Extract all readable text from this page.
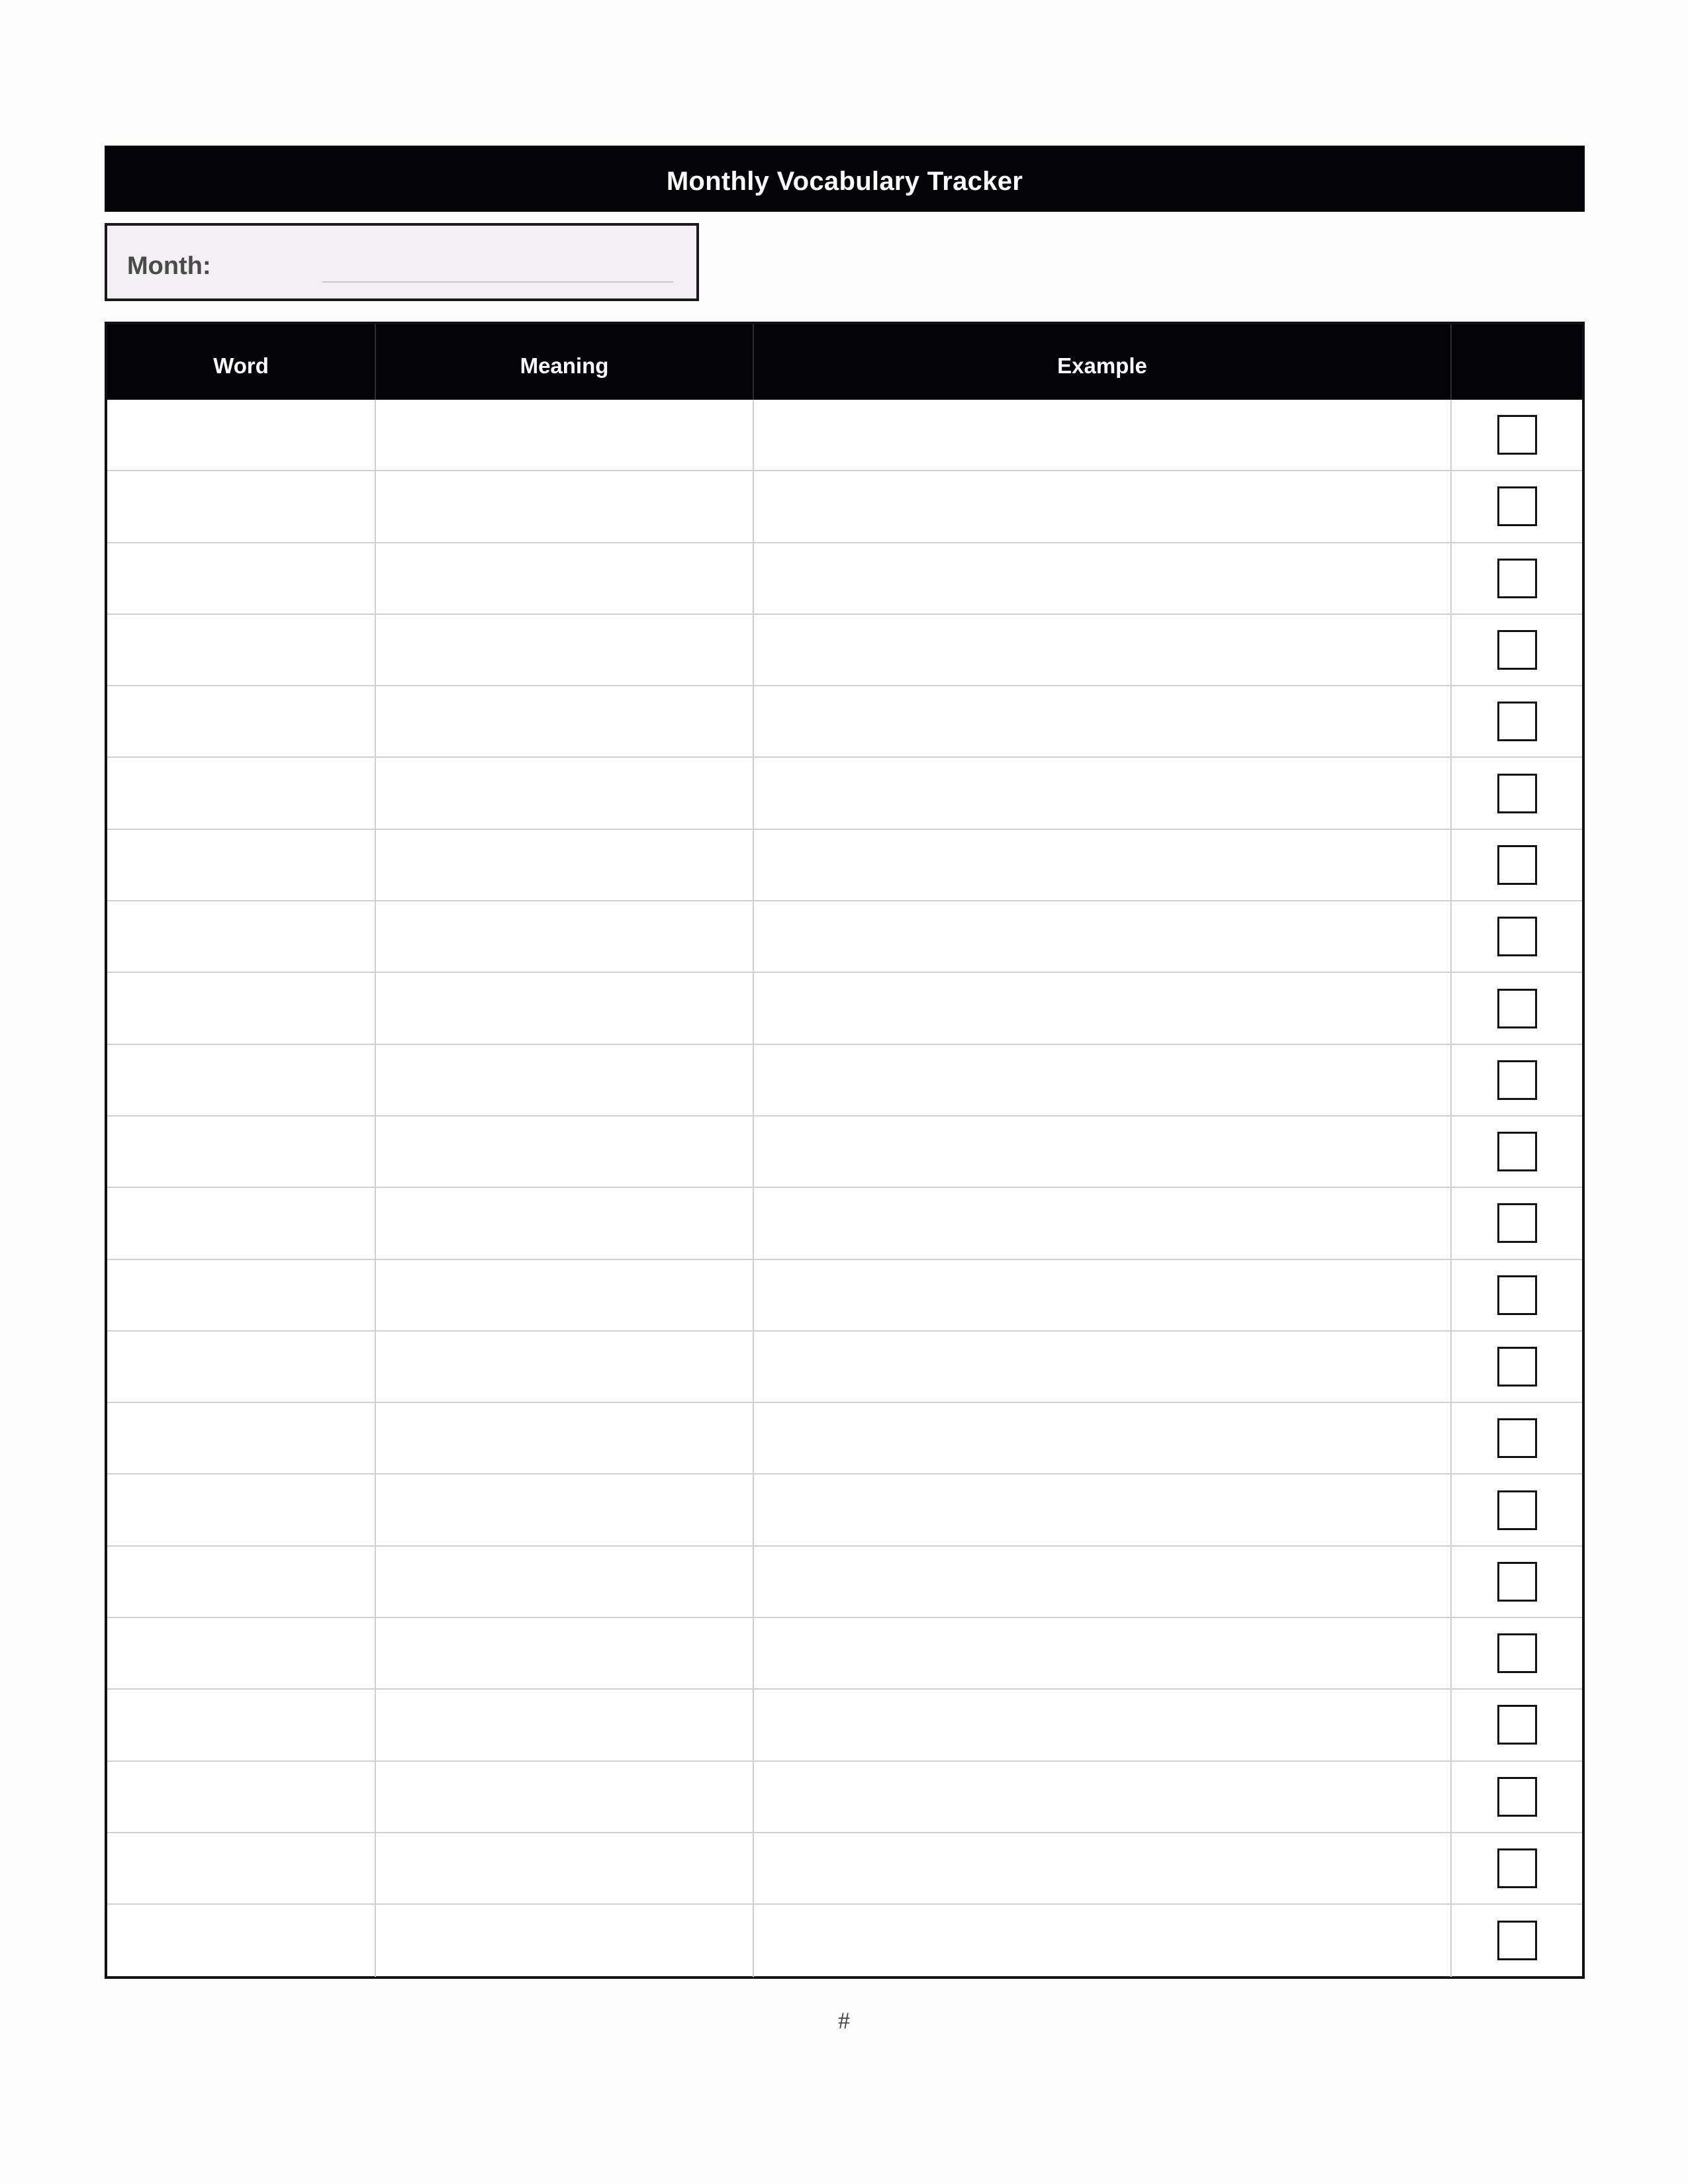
Monthly Vocabulary Tracker
Month:
Word	Meaning	Example
#
